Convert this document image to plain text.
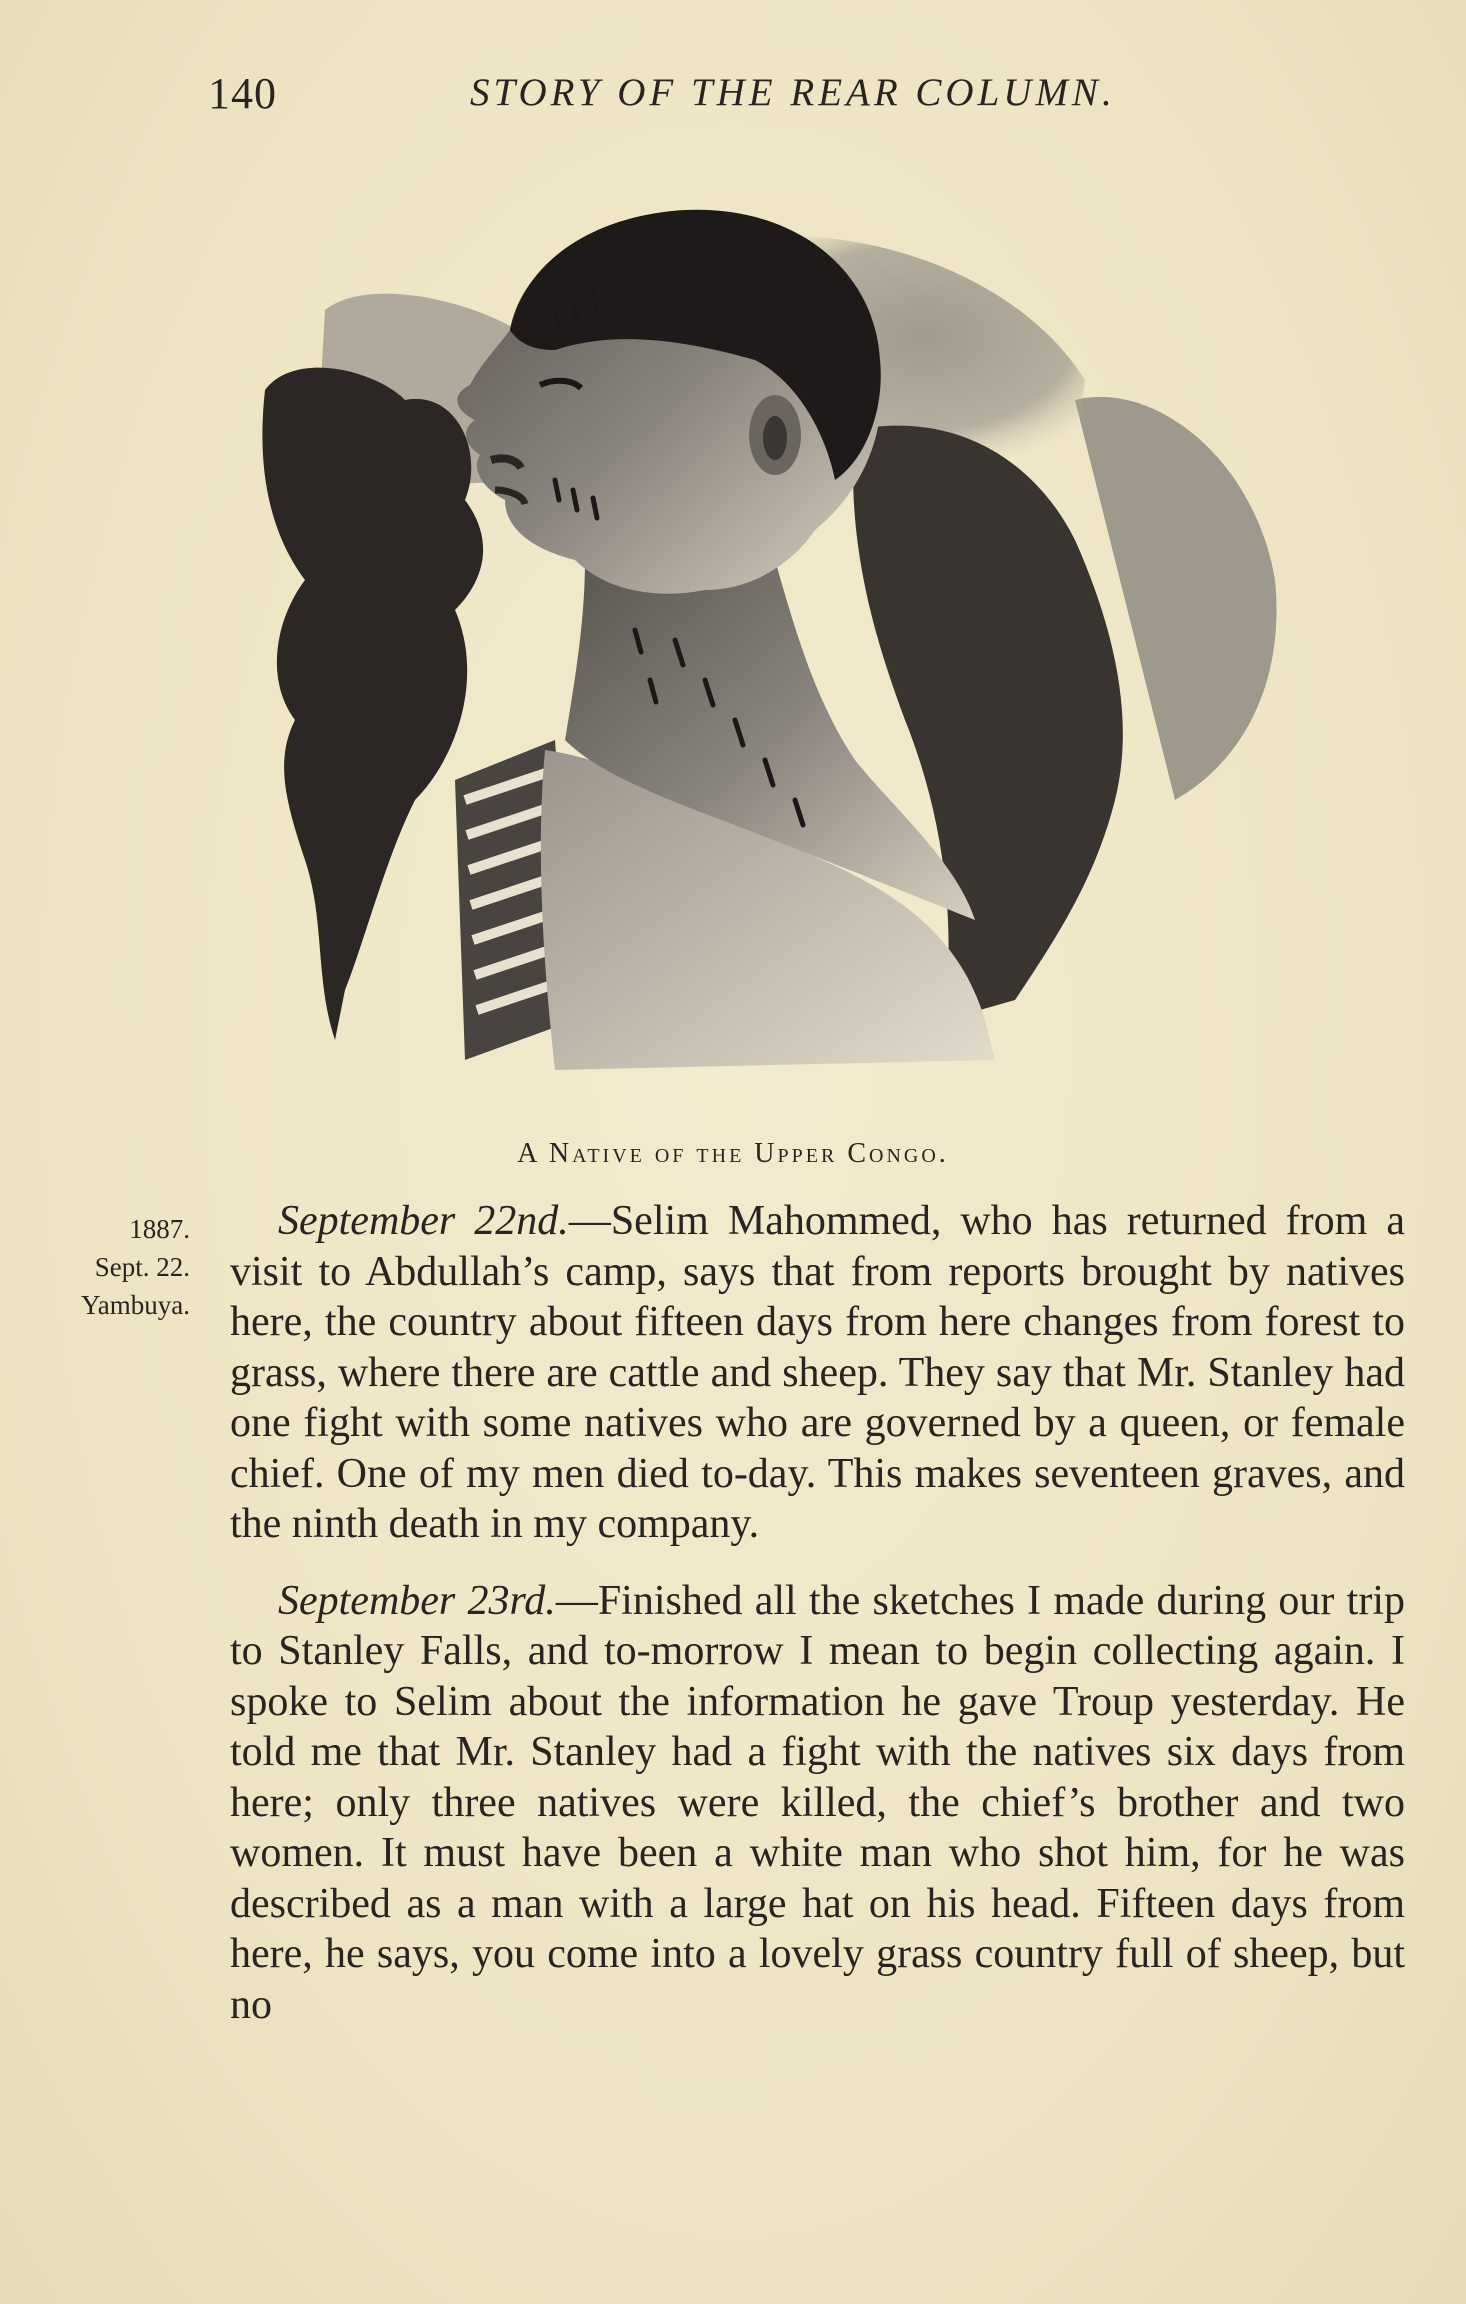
140	STORY OF THE REAR COLUMN.
A Native of the Upper Congo.
1887.
Sept. 22.
Yambuya.

September 22nd.—Selim Mahommed, who has returned from a visit to Abdullah’s camp, says that from reports brought by natives here, the country about fifteen days from here changes from forest to grass, where there are cattle and sheep. They say that Mr. Stanley had one fight with some natives who are governed by a queen, or female chief. One of my men died to-day. This makes seventeen graves, and the ninth death in my company.

September 23rd.—Finished all the sketches I made during our trip to Stanley Falls, and to-morrow I mean to begin collecting again. I spoke to Selim about the information he gave Troup yesterday. He told me that Mr. Stanley had a fight with the natives six days from here; only three natives were killed, the chief’s brother and two women. It must have been a white man who shot him, for he was described as a man with a large hat on his head. Fifteen days from here, he says, you come into a lovely grass country full of sheep, but no
